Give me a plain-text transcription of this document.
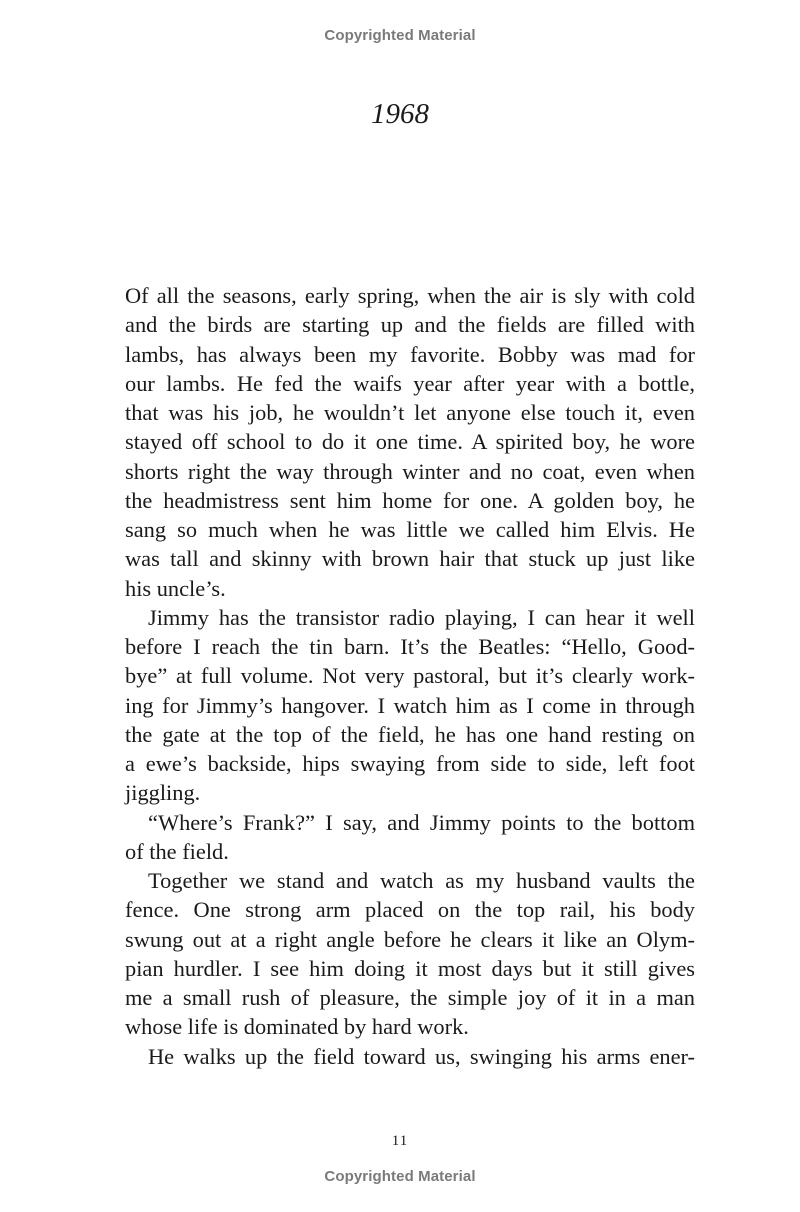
Copyrighted Material
1968
Of all the seasons, early spring, when the air is sly with cold
and the birds are starting up and the fields are filled with
lambs, has always been my favorite. Bobby was mad for
our lambs. He fed the waifs year after year with a bottle,
that was his job, he wouldn’t let anyone else touch it, even
stayed off school to do it one time. A spirited boy, he wore
shorts right the way through winter and no coat, even when
the headmistress sent him home for one. A golden boy, he
sang so much when he was little we called him Elvis. He
was tall and skinny with brown hair that stuck up just like
his uncle’s.
Jimmy has the transistor radio playing, I can hear it well
before I reach the tin barn. It’s the Beatles: “Hello, Good-
bye” at full volume. Not very pastoral, but it’s clearly work-
ing for Jimmy’s hangover. I watch him as I come in through
the gate at the top of the field, he has one hand resting on
a ewe’s backside, hips swaying from side to side, left foot
jiggling.
“Where’s Frank?” I say, and Jimmy points to the bottom
of the field.
Together we stand and watch as my husband vaults the
fence. One strong arm placed on the top rail, his body
swung out at a right angle before he clears it like an Olym-
pian hurdler. I see him doing it most days but it still gives
me a small rush of pleasure, the simple joy of it in a man
whose life is dominated by hard work.
He walks up the field toward us, swinging his arms ener-
11
Copyrighted Material
